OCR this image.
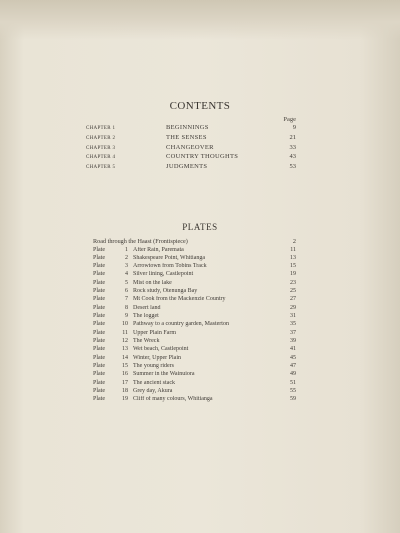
CONTENTS
Page
CHAPTER 1	BEGINNINGS	9
CHAPTER 2	THE SENSES	21
CHAPTER 3	CHANGEOVER	33
CHAPTER 4	COUNTRY THOUGHTS	43
CHAPTER 5	JUDGMENTS	53
PLATES
Road through the Haast (Frontispiece)	2
Plate	1 After Rain, Paremata	11
Plate	2 Shakespeare Point, Whitianga	13
Plate	3 Arrowtown from Tobins Track	15
Plate	4 Silver lining, Castlepoint	19
Plate	5 Mist on the lake	23
Plate	6 Rock study, Otenunga Bay	25
Plate	7 Mt Cook from the Mackenzie Country	27
Plate	8 Desert land	29
Plate	9 The logget	31
Plate	10 Pathway to a country garden, Masterton	35
Plate	11 Upper Plain Farm	37
Plate	12 The Wreck	39
Plate	13 Wet beach, Castlepoint	41
Plate	14 Winter, Upper Plain	45
Plate	15 The young riders	47
Plate	16 Summer in the Wainuiora	49
Plate	17 The ancient stack	51
Plate	18 Grey day, Akura	55
Plate	19 Cliff of many colours, Whitianga	59
